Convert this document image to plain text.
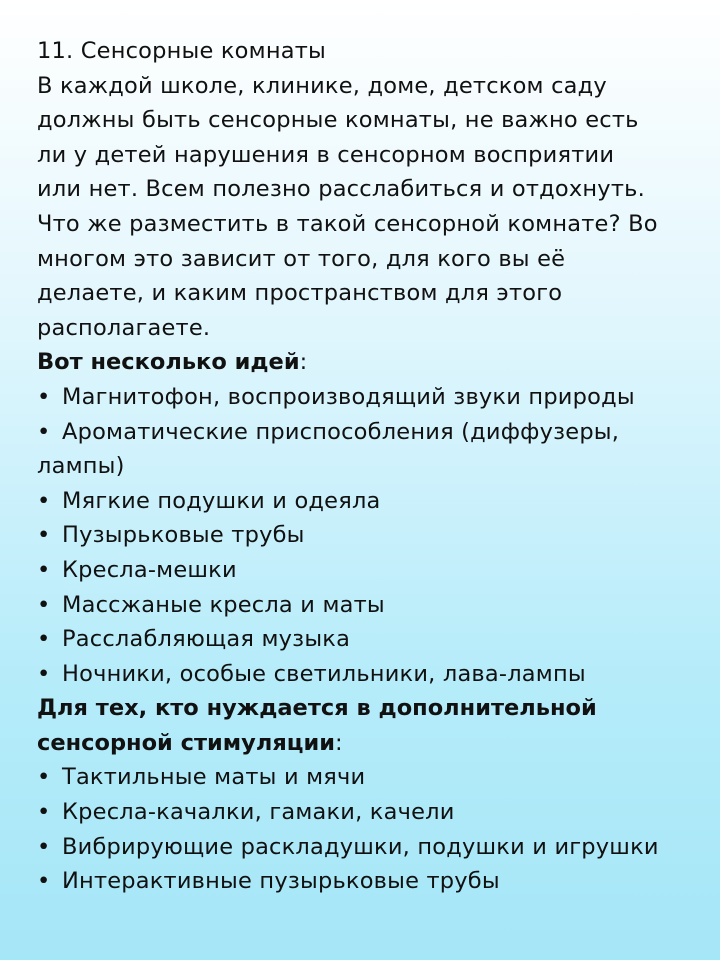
11. Сенсорные комнаты
В каждой школе, клинике, доме, детском саду
должны быть сенсорные комнаты, не важно есть
ли у детей нарушения в сенсорном восприятии
или нет. Всем полезно расслабиться и отдохнуть.
Что же разместить в такой сенсорной комнате? Во
многом это зависит от того, для кого вы её
делаете, и каким пространством для этого
располагаете.
Вот несколько идей:
• Магнитофон, воспроизводящий звуки природы
• Ароматические приспособления (диффузеры,
лампы)
• Мягкие подушки и одеяла
• Пузырьковые трубы
• Кресла-мешки
• Массжаные кресла и маты
• Расслабляющая музыка
• Ночники, особые светильники, лава-лампы
Для тех, кто нуждается в дополнительной
сенсорной стимуляции:
• Тактильные маты и мячи
• Кресла-качалки, гамаки, качели
• Вибрирующие раскладушки, подушки и игрушки
• Интерактивные пузырьковые трубы
